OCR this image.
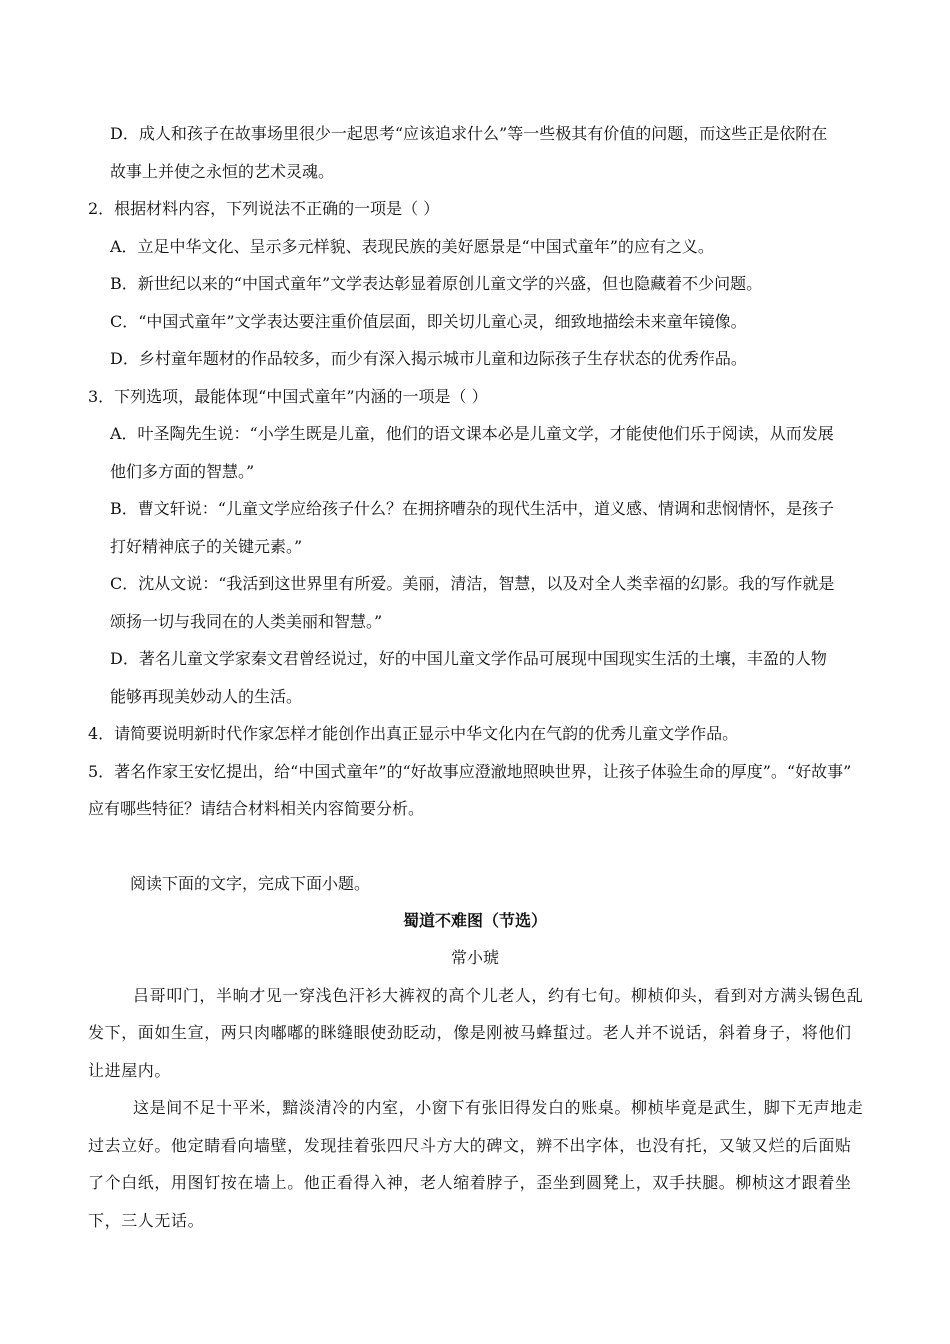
D．成人和孩子在故事场里很少一起思考“应该追求什么”等一些极其有价值的问题，而这些正是依附在
故事上并使之永恒的艺术灵魂。
2．根据材料内容，下列说法不正确的一项是（ ）
A．立足中华文化、呈示多元样貌、表现民族的美好愿景是“中国式童年”的应有之义。
B．新世纪以来的“中国式童年”文学表达彰显着原创儿童文学的兴盛，但也隐藏着不少问题。
C．“中国式童年”文学表达要注重价值层面，即关切儿童心灵，细致地描绘未来童年镜像。
D．乡村童年题材的作品较多，而少有深入揭示城市儿童和边际孩子生存状态的优秀作品。
3．下列选项，最能体现“中国式童年”内涵的一项是（ ）
A．叶圣陶先生说：“小学生既是儿童，他们的语文课本必是儿童文学，才能使他们乐于阅读，从而发展
他们多方面的智慧。”
B．曹文轩说：“儿童文学应给孩子什么？在拥挤嘈杂的现代生活中，道义感、情调和悲悯情怀，是孩子
打好精神底子的关键元素。”
C．沈从文说：“我活到这世界里有所爱。美丽，清洁，智慧，以及对全人类幸福的幻影。我的写作就是
颂扬一切与我同在的人类美丽和智慧。”
D．著名儿童文学家秦文君曾经说过，好的中国儿童文学作品可展现中国现实生活的土壤，丰盈的人物
能够再现美妙动人的生活。
4．请简要说明新时代作家怎样才能创作出真正显示中华文化内在气韵的优秀儿童文学作品。
5．著名作家王安忆提出，给“中国式童年”的“好故事应澄澈地照映世界，让孩子体验生命的厚度”。“好故事”
应有哪些特征？请结合材料相关内容简要分析。
阅读下面的文字，完成下面小题。
蜀道不难图（节选）
常小琥
吕哥叩门，半晌才见一穿浅色汗衫大裤衩的高个儿老人，约有七旬。柳桢仰头，看到对方满头锡色乱
发下，面如生宣，两只肉嘟嘟的眯缝眼使劲眨动，像是刚被马蜂蜇过。老人并不说话，斜着身子，将他们
让进屋内。
这是间不足十平米，黯淡清冷的内室，小窗下有张旧得发白的账桌。柳桢毕竟是武生，脚下无声地走
过去立好。他定睛看向墙壁，发现挂着张四尺斗方大的碑文，辨不出字体，也没有托，又皱又烂的后面贴
了个白纸，用图钉按在墙上。他正看得入神，老人缩着脖子，歪坐到圆凳上，双手扶腿。柳桢这才跟着坐
下，三人无话。
